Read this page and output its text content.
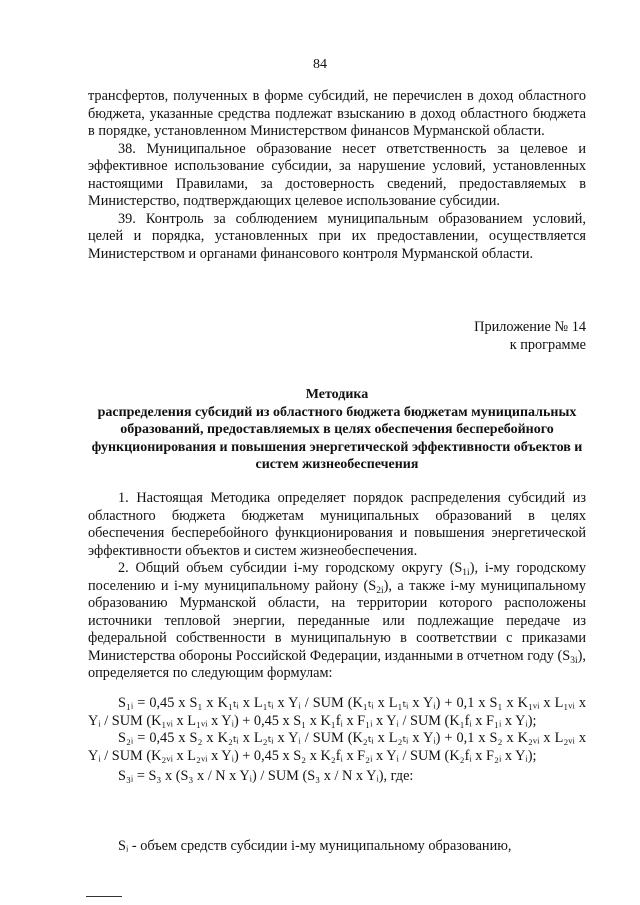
84

трансфертов, полученных в форме субсидий, не перечислен в доход областного бюджета, указанные средства подлежат взысканию в доход областного бюджета в порядке, установленном Министерством финансов Мурманской области.

38. Муниципальное образование несет ответственность за целевое и эффективное использование субсидии, за нарушение условий, установленных настоящими Правилами, за достоверность сведений, предоставляемых в Министерство, подтверждающих целевое использование субсидии.

39. Контроль за соблюдением муниципальным образованием условий, целей и порядка, установленных при их предоставлении, осуществляется Министерством и органами финансового контроля Мурманской области.

Приложение № 14
к программе
Методика
распределения субсидий из областного бюджета бюджетам муниципальных образований, предоставляемых в целях обеспечения бесперебойного функционирования и повышения энергетической эффективности объектов и систем жизнеобеспечения

1. Настоящая Методика определяет порядок распределения субсидий из областного бюджета бюджетам муниципальных образований в целях обеспечения бесперебойного функционирования и повышения энергетической эффективности объектов и систем жизнеобеспечения.

2. Общий объем субсидии i-му городскому округу $(S_{1i})$, i-му городскому поселению и i-му муниципальному району $(S_{2i})$, а также i-му муниципальному образованию Мурманской области, на территории которого расположены источники тепловой энергии, переданные или подлежащие передаче из федеральной собственности в муниципальную в соответствии с приказами Министерства обороны Российской Федерации, изданными в отчетном году $(S_{3i})$, определяется по следующим формулам:

S₁ᵢ = 0,45 x S₁ x K₁ₜᵢ x L₁ₜᵢ x Yᵢ / SUM (K₁ₜᵢ x L₁ₜᵢ x Yᵢ) + 0,1 x S₁ x K₁ᵥᵢ x L₁ᵥᵢ x Yᵢ / SUM (K₁ᵥᵢ x L₁ᵥᵢ x Yᵢ) + 0,45 x S₁ x K₁fᵢ x F₁ᵢ x Yᵢ / SUM (K₁fᵢ x F₁ᵢ x Yᵢ);

S₂ᵢ = 0,45 x S₂ x K₂ₜᵢ x L₂ₜᵢ x Yᵢ / SUM (K₂ₜᵢ x L₂ₜᵢ x Yᵢ) + 0,1 x S₂ x K₂ᵥᵢ x L₂ᵥᵢ x Yᵢ / SUM (K₂ᵥᵢ x L₂ᵥᵢ x Yᵢ) + 0,45 x S₂ x K₂fᵢ x F₂ᵢ x Yᵢ / SUM (K₂fᵢ x F₂ᵢ x Yᵢ);

S₃ᵢ = S₃ x (S₃ x / N x Yᵢ) / SUM (S₃ x / N x Yᵢ), где:

Sᵢ - объем средств субсидии i-му муниципальному образованию,
